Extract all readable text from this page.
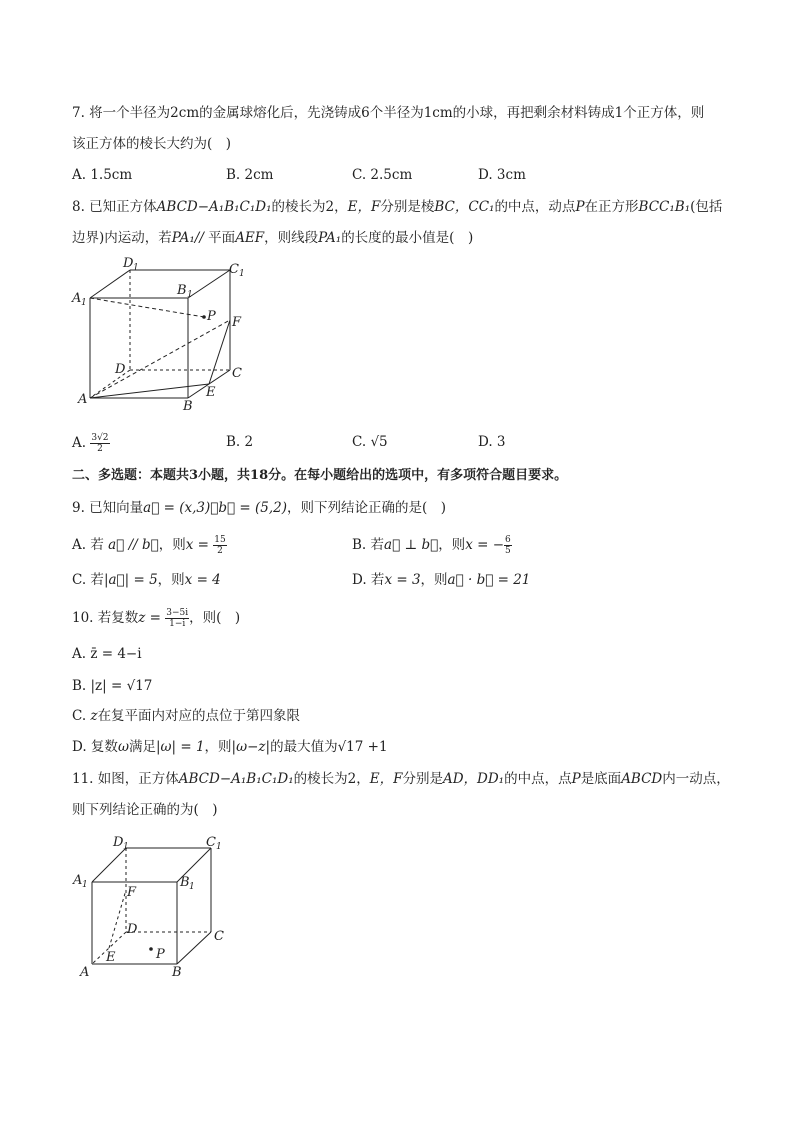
7. 将一个半径为2cm的金属球熔化后，先浇铸成6个半径为1cm的小球，再把剩余材料铸成1个正方体，则
该正方体的棱长大约为(　)
A. 1.5cm	B. 2cm	C. 2.5cm	D. 3cm
8. 已知正方体ABCD−A₁B₁C₁D₁的棱长为2，E，F分别是棱BC，CC₁的中点，动点P在正方形BCC₁B₁(包括
边界)内运动，若PA₁// 平面AEF，则线段PA₁的长度的最小值是(　)
D 1	C 1
A 1
B 1
P F
D	C
A	E
B
A. $\frac{3√2}{2}$	B. 2	C. √5	D. 3
二、多选题：本题共3小题，共18分。在每小题给出的选项中，有多项符合题目要求。
9. 已知向量a⃗ = (x,3)，b⃗ = (5,2)，则下列结论正确的是(　)
A. 若 a⃗ // b⃗，则$x = \frac{15}{2}$	B. 若a⃗ ⊥ b⃗，则x = − $\frac{6}{5}$
C. 若|a⃗| = 5，则x = 4	D. 若x = 3，则a⃗ · b⃗ = 21
10. 若复数$z = \frac{3-5i}{1-i}$ ，则(　)
A. z̄ = 4−i
B. |z| = √17
C. z在复平面内对应的点位于第四象限
D. 复数ω满足|ω| = 1，则|ω−z|的最大值为√17 +1
11. 如图，正方体ABCD−A₁B₁C₁D₁的棱长为2，E，F分别是AD，DD₁的中点，点P是底面ABCD内一动点，
则下列结论正确的为(　)
D 1	C 1
A 1	B 1
F
D	C
E	P
A	B
